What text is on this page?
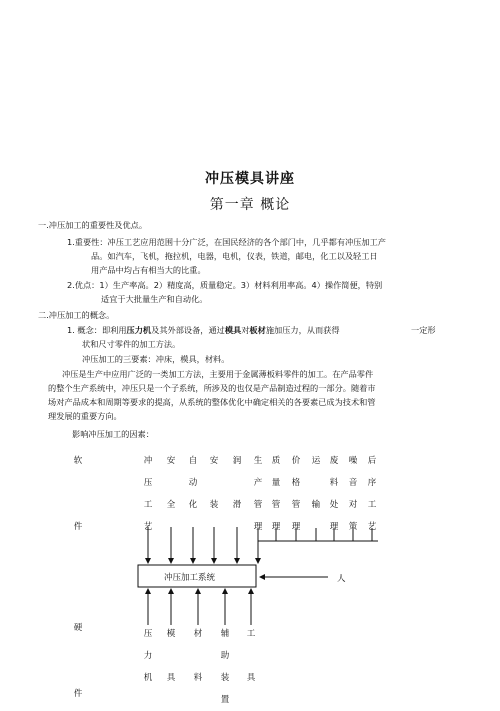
冲压模具讲座
第一章 概论
一.冲压加工的重要性及优点。
1.重要性：冲压工艺应用范围十分广泛，在国民经济的各个部门中，几乎都有冲压加工产
品。如汽车，飞机，拖拉机，电器，电机，仪表，铁道，邮电，化工以及轻工日
用产品中均占有相当大的比重。
2.优点：1）生产率高。2）精度高，质量稳定。3）材料利用率高。4）操作简便，特别
适宜于大批量生产和自动化。
二.冲压加工的概念。
1. 概念：即利用压力机及其外部设备，通过模具对板材施加压力，从而获得	一定形
状和尺寸零件的加工方法。
冲压加工的三要素：冲床，模具，材料。
冲压是生产中应用广泛的一类加工方法，主要用于金属薄板料零件的加工。在产品零件
的整个生产系统中，冲压只是一个子系统，所涉及的也仅是产品制造过程的一部分。随着市
场对产品成本和周期等要求的提高，从系统的整体优化中确定相关的各要素已成为技术和管
理发展的重要方向。
影响冲压加工的因素：
冲压加工系统	人
软

件
硬

件
冲
压
工
艺
安

全
自
动
化
安

装
润

滑
生
产
管
理
质
量
管
理
价
格
管
理
运

输
废
料
处
理
噪
音
对
策
后
序
工
艺
压
力
机
模

具
材

料
辅
助
装
置
工

具
